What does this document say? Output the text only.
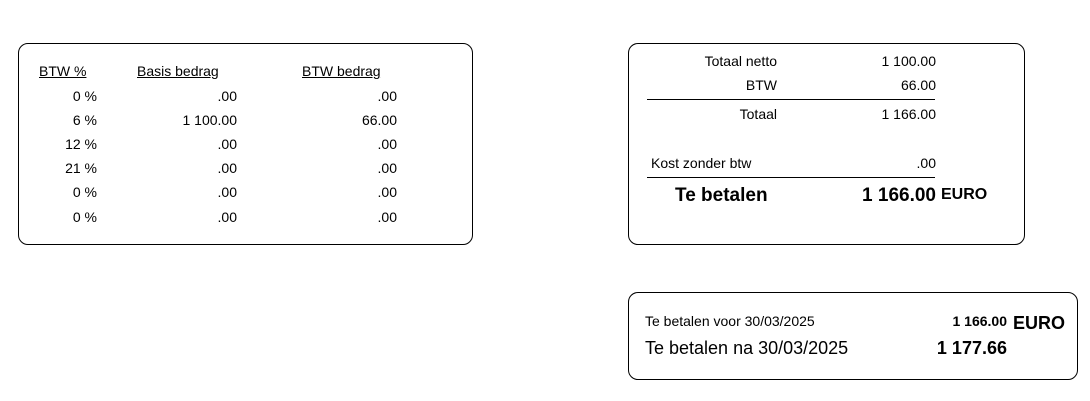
BTW %	Basis bedrag	BTW bedrag
0 %	.00	.00
6 %	1 100.00	66.00
12 %	.00	.00
21 %	.00	.00
0 %	.00	.00
0 %	.00	.00
Totaal netto	1 100.00
BTW	66.00
Totaal	1 166.00
Kost zonder btw	.00
Te betalen	1 166.00 EURO
Te betalen voor 30/03/2025	1 166.00 EURO
Te betalen na 30/03/2025	1 177.66
